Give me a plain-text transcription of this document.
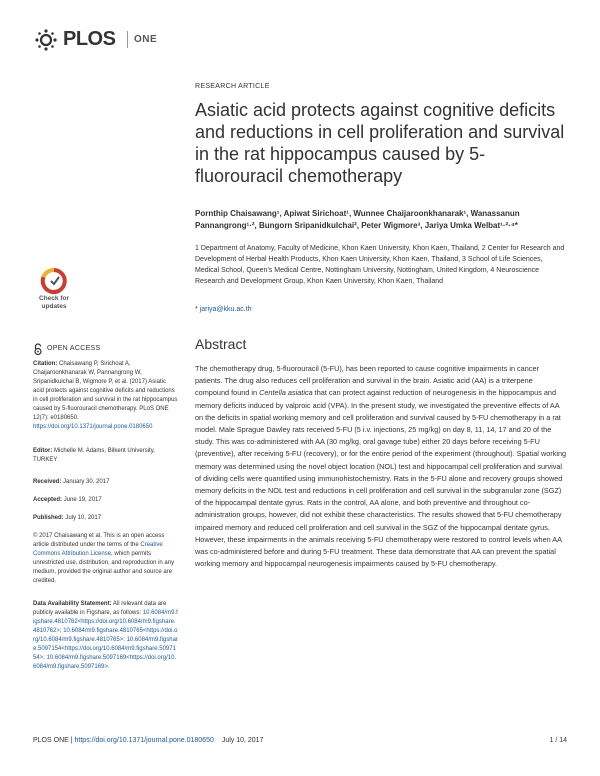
PLOS ONE
RESEARCH ARTICLE
Asiatic acid protects against cognitive deficits and reductions in cell proliferation and survival in the rat hippocampus caused by 5-fluorouracil chemotherapy
Pornthip Chaisawang¹, Apiwat Sirichoat¹, Wunnee Chaijaroonkhanarak¹, Wanassanun Pannangrong¹·², Bungorn Sripanidkulchai², Peter Wigmore³, Jariya Umka Welbat¹·²·⁴*
1 Department of Anatomy, Faculty of Medicine, Khon Kaen University, Khon Kaen, Thailand, 2 Center for Research and Development of Herbal Health Products, Khon Kaen University, Khon Kaen, Thailand, 3 School of Life Sciences, Medical School, Queen’s Medical Centre, Nottingham University, Nottingham, United Kingdom, 4 Neuroscience Research and Development Group, Khon Kaen University, Khon Kaen, Thailand
* jariya@kku.ac.th
Check for updates
OPEN ACCESS
Citation: Chaisawang P, Sirichoat A, Chaijaroonkhanarak W, Pannangrong W, Sripanidkulchai B, Wigmore P, et al. (2017) Asiatic acid protects against cognitive deficits and reductions in cell proliferation and survival in the rat hippocampus caused by 5-fluorouracil chemotherapy. PLoS ONE 12(7): e0180650. https://doi.org/10.1371/journal.pone.0180650
Editor: Michelle M. Adams, Bilkent University, TURKEY
Received: January 30, 2017
Accepted: June 19, 2017
Published: July 10, 2017
© 2017 Chaisawang et al. This is an open access article distributed under the terms of the Creative Commons Attribution License, which permits unrestricted use, distribution, and reproduction in any medium, provided the original author and source are credited.
Data Availability Statement: All relevant data are publicly available in Figshare, as follows: 10.6084/m9.figshare.4810762<https://doi.org/10.6084/m9.figshare.4810762>; 10.6084/m9.figshare.4810765<https://doi.org/10.6084/m9.figshare.4810765>; 10.6084/m9.figshare.5097154<https://doi.org/10.6084/m9.figshare.5097154>; 10.6084/m9.figshare.5097169<https://doi.org/10.6084/m9.figshare.5097169>.
Abstract

The chemotherapy drug, 5-fluorouracil (5-FU), has been reported to cause cognitive impairments in cancer patients. The drug also reduces cell proliferation and survival in the brain. Asiatic acid (AA) is a triterpene compound found in Centella asiatica that can protect against reduction of neurogenesis in the hippocampus and memory deficits induced by valproic acid (VPA). In the present study, we investigated the preventive effects of AA on the deficits in spatial working memory and cell proliferation and survival caused by 5-FU chemotherapy in a rat model. Male Sprague Dawley rats received 5-FU (5 i.v. injections, 25 mg/kg) on day 8, 11, 14, 17 and 20 of the study. This was co-administered with AA (30 mg/kg, oral gavage tube) either 20 days before receiving 5-FU (preventive), after receiving 5-FU (recovery), or for the entire period of the experiment (throughout). Spatial working memory was determined using the novel object location (NOL) test and hippocampal cell proliferation and survival of dividing cells were quantified using immunohistochemistry. Rats in the 5-FU alone and recovery groups showed memory deficits in the NOL test and reductions in cell proliferation and cell survival in the subgranular zone (SGZ) of the hippocampal dentate gyrus. Rats in the control, AA alone, and both preventive and throughout co-administration groups, however, did not exhibit these characteristics. The results showed that 5-FU chemotherapy impaired memory and reduced cell proliferation and cell survival in the SGZ of the hippocampal dentate gyrus. However, these impairments in the animals receiving 5-FU chemotherapy were restored to control levels when AA was co-administered before and during 5-FU treatment. These data demonstrate that AA can prevent the spatial working memory and hippocampal neurogenesis impairments caused by 5-FU chemotherapy.

PLOS ONE | https://doi.org/10.1371/journal.pone.0180650 July 10, 2017	1 / 14
